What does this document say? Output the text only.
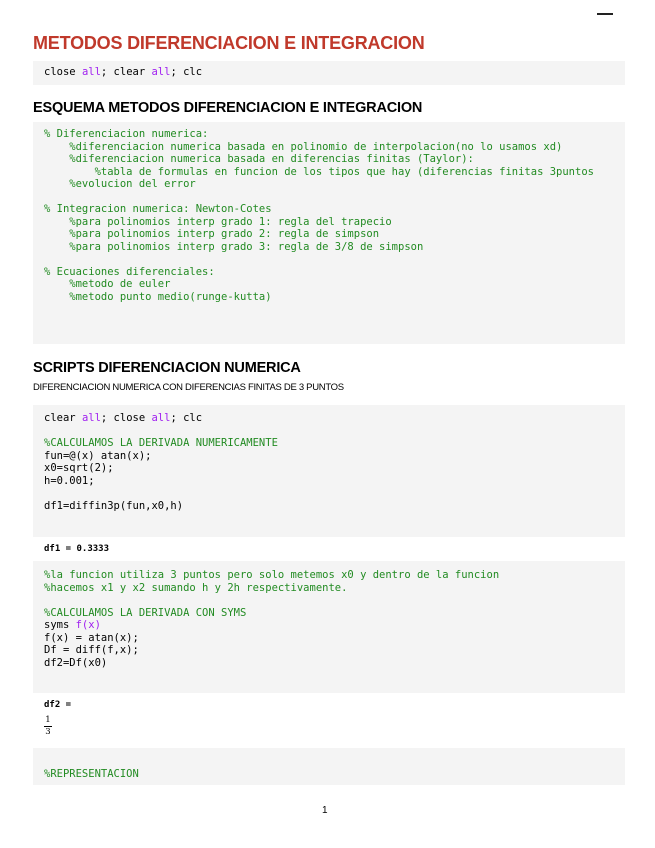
METODOS DIFERENCIACION E INTEGRACION
close all; clear all; clc
ESQUEMA METODOS DIFERENCIACION E INTEGRACION
% Diferenciacion numerica:
%diferenciacion numerica basada en polinomio de interpolacion(no lo usamos xd)
%diferenciacion numerica basada en diferencias finitas (Taylor):
%tabla de formulas en funcion de los tipos que hay (diferencias finitas 3puntos
%evolucion del error
% Integracion numerica: Newton-Cotes
%para polinomios interp grado 1: regla del trapecio
%para polinomios interp grado 2: regla de simpson
%para polinomios interp grado 3: regla de 3/8 de simpson
% Ecuaciones diferenciales:
%metodo de euler
%metodo punto medio(runge-kutta)
SCRIPTS DIFERENCIACION NUMERICA
DIFERENCIACION NUMERICA CON DIFERENCIAS FINITAS DE 3 PUNTOS
clear all; close all; clc
%CALCULAMOS LA DERIVADA NUMERICAMENTE
fun=@(x) atan(x);
x0=sqrt(2);
h=0.001;
df1=diffin3p(fun,x0,h)
df1 = 0.3333
%la funcion utiliza 3 puntos pero solo metemos x0 y dentro de la funcion
%hacemos x1 y x2 sumando h y 2h respectivamente.
%CALCULAMOS LA DERIVADA CON SYMS
syms f(x)
f(x) = atan(x);
Df = diff(f,x);
df2=Df(x0)
df2 =
1
3
%REPRESENTACION
1
